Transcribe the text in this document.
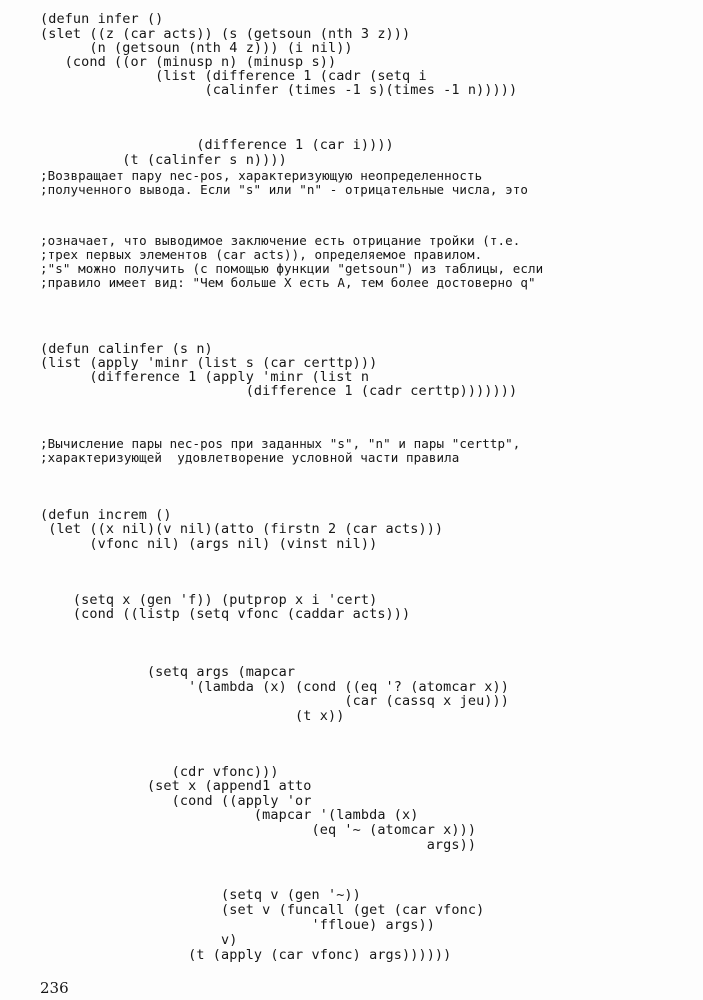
(defun infer ()
(slet ((z (car acts)) (s (getsoun (nth 3 z)))
(n (getsoun (nth 4 z))) (i nil))
(cond ((or (minusp n) (minusp s))
(list (difference 1 (cadr (setq i
(calinfer (times -1 s)(times -1 n)))))
(difference 1 (car i))))
(t (calinfer s n))))
;Возвращает пару nec-pos, характеризующую неопределенность
;полученного вывода. Если "s" или "n" - отрицательные числа, это
;означает, что выводимое заключение есть отрицание тройки (т.е.
;трех первых элементов (car acts)), определяемое правилом.
;"s" можно получить (с помощью функции "getsoun") из таблицы, если
;правило имеет вид: "Чем больше X есть A, тем более достоверно q"
(defun calinfer (s n)
(list (apply 'minr (list s (car certtp)))
(difference 1 (apply 'minr (list n
(difference 1 (cadr certtp)))))))
;Вычисление пары nec-pos при заданных "s", "n" и пары "certtp",
;характеризующей  удовлетворение условной части правила
(defun increm ()
(let ((x nil)(v nil)(atto (firstn 2 (car acts)))
(vfonc nil) (args nil) (vinst nil))
(setq x (gen 'f)) (putprop x i 'cert)
(cond ((listp (setq vfonc (caddar acts)))
(setq args (mapcar
'(lambda (x) (cond ((eq '? (atomcar x))
(car (cassq x jeu)))
(t x))
(cdr vfonc)))
(set x (append1 atto
(cond ((apply 'or
(mapcar '(lambda (x)
(eq '~ (atomcar x)))
args))
(setq v (gen '~))
(set v (funcall (get (car vfonc)
'ffloue) args))
v)
(t (apply (car vfonc) args))))))
236
